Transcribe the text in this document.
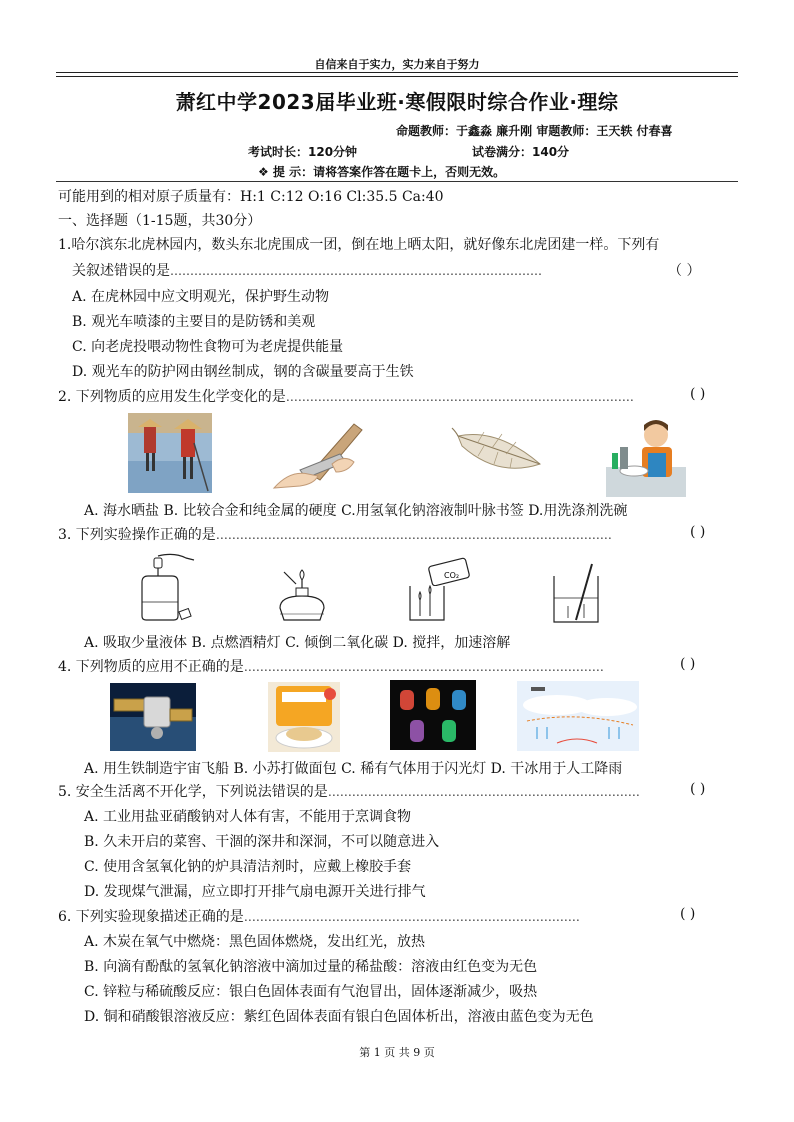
自信来自于实力，实力来自于努力
萧红中学2023届毕业班·寒假限时综合作业·理综
命题教师：于鑫淼 廉升刚 审题教师：王天轶 付春喜
考试时长：120分钟	试卷满分：140分
❖ 提 示：请将答案作答在题卡上，否则无效。
可能用到的相对原子质量有：H:1 C:12 O:16 Cl:35.5 Ca:40
一、选择题（1-15题，共30分）
1.哈尔滨东北虎林园内，数头东北虎围成一团，倒在地上晒太阳，就好像东北虎团建一样。下列有
关叙述错误的是…………………………………………………………………………………	（ ）
A. 在虎林园中应文明观光，保护野生动物
B. 观光车喷漆的主要目的是防锈和美观
C. 向老虎投喂动物性食物可为老虎提供能量
D. 观光车的防护网由钢丝制成，钢的含碳量要高于生铁
2. 下列物质的应用发生化学变化的是……………………………………………………………………………	( )
A. 海水晒盐 B. 比较合金和纯金属的硬度 C.用氢氧化钠溶液制叶脉书签 D.用洗涤剂洗碗
3. 下列实验操作正确的是………………………………………………………………………………………	( )
CO₂
A. 吸取少量液体 B. 点燃酒精灯 C. 倾倒二氧化碳 D. 搅拌，加速溶解
4. 下列物质的应用不正确的是………………………………………………………………………………	( )
A. 用生铁制造宇宙飞船 B. 小苏打做面包 C. 稀有气体用于闪光灯 D. 干冰用于人工降雨
5. 安全生活离不开化学，下列说法错误的是……………………………………………………………………	( )
A. 工业用盐亚硝酸钠对人体有害，不能用于烹调食物
B. 久未开启的菜窖、干涸的深井和深洞，不可以随意进入
C. 使用含氢氧化钠的炉具清洁剂时，应戴上橡胶手套
D. 发现煤气泄漏，应立即打开排气扇电源开关进行排气
6. 下列实验现象描述正确的是…………………………………………………………………………	( )
A. 木炭在氧气中燃烧：黑色固体燃烧，发出红光，放热
B. 向滴有酚酞的氢氧化钠溶液中滴加过量的稀盐酸：溶液由红色变为无色
C. 锌粒与稀硫酸反应：银白色固体表面有气泡冒出，固体逐渐减少，吸热
D. 铜和硝酸银溶液反应：紫红色固体表面有银白色固体析出，溶液由蓝色变为无色
第 1 页 共 9 页
